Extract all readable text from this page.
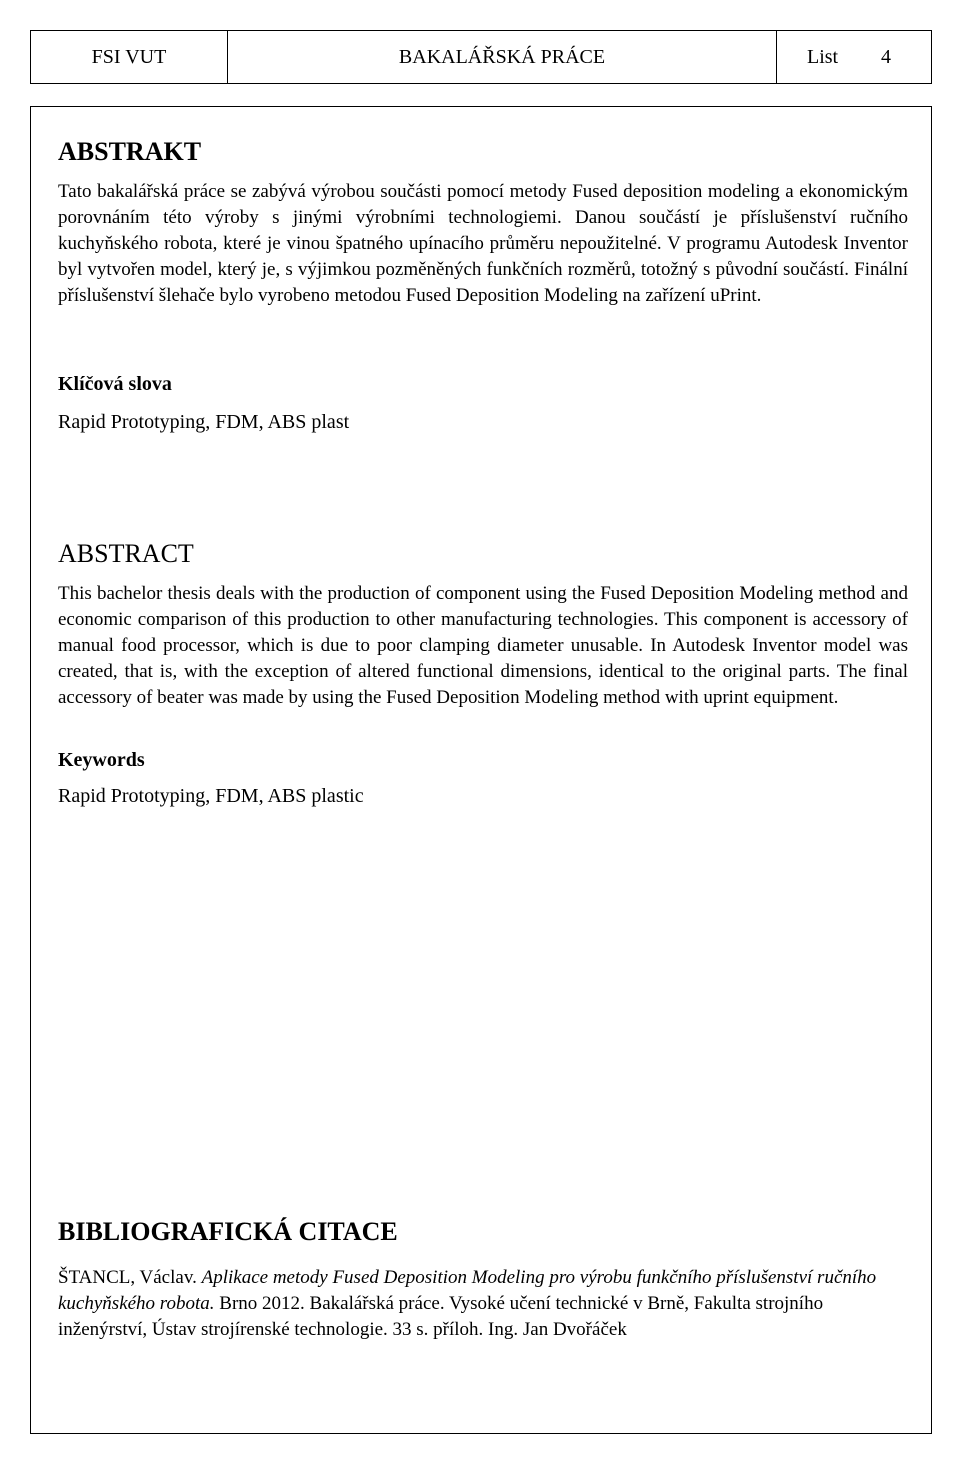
FSI VUT	BAKALÁŘSKÁ PRÁCE	List 4
ABSTRAKT

Tato bakalářská práce se zabývá výrobou součásti pomocí metody Fused deposition modeling a ekonomickým porovnáním této výroby s jinými výrobními technologiemi. Danou součástí je příslušenství ručního kuchyňského robota, které je vinou špatného upínacího průměru nepoužitelné. V programu Autodesk Inventor byl vytvořen model, který je, s výjimkou pozměněných funkčních rozměrů, totožný s původní součástí. Finální příslušenství šlehače bylo vyrobeno metodou Fused Deposition Modeling na zařízení uPrint.

Klíčová slova
Rapid Prototyping, FDM, ABS plast
ABSTRACT

This bachelor thesis deals with the production of component using the Fused Deposition Modeling method and economic comparison of this production to other manufacturing technologies. This component is accessory of manual food processor, which is due to poor clamping diameter unusable. In Autodesk Inventor model was created, that is, with the exception of altered functional dimensions, identical to the original parts. The final accessory of beater was made by using the Fused Deposition Modeling method with uprint equipment.

Keywords
Rapid Prototyping, FDM, ABS plastic
BIBLIOGRAFICKÁ CITACE

ŠTANCL, Václav. Aplikace metody Fused Deposition Modeling pro výrobu funkčního příslušenství ručního kuchyňského robota. Brno 2012. Bakalářská práce. Vysoké učení technické v Brně, Fakulta strojního inženýrství, Ústav strojírenské technologie. 33 s. příloh. Ing. Jan Dvořáček
